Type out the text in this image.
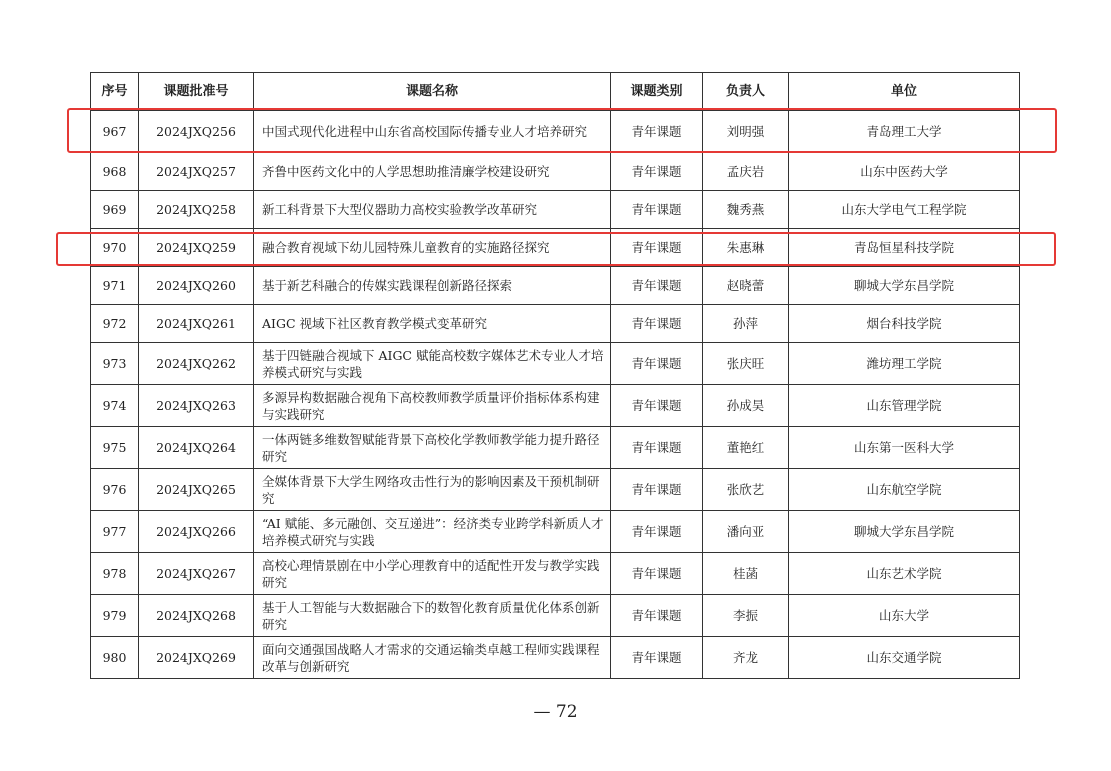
序号	课题批准号	课题名称	课题类别	负责人	单位
967	2024JXQ256	中国式现代化进程中山东省高校国际传播专业人才培养研究	青年课题	刘明强	青岛理工大学
968	2024JXQ257	齐鲁中医药文化中的人学思想助推清廉学校建设研究	青年课题	孟庆岩	山东中医药大学
969	2024JXQ258	新工科背景下大型仪器助力高校实验教学改革研究	青年课题	魏秀燕	山东大学电气工程学院
970	2024JXQ259	融合教育视域下幼儿园特殊儿童教育的实施路径探究	青年课题	朱惠琳	青岛恒星科技学院
971	2024JXQ260	基于新艺科融合的传媒实践课程创新路径探索	青年课题	赵晓蕾	聊城大学东昌学院
972	2024JXQ261	AIGC 视域下社区教育教学模式变革研究	青年课题	孙萍	烟台科技学院
973	2024JXQ262	基于四链融合视域下 AIGC 赋能高校数字媒体艺术专业人才培养模式研究与实践	青年课题	张庆旺	潍坊理工学院
974	2024JXQ263	多源异构数据融合视角下高校教师教学质量评价指标体系构建与实践研究	青年课题	孙成昊	山东管理学院
975	2024JXQ264	一体两链多维数智赋能背景下高校化学教师教学能力提升路径研究	青年课题	董艳红	山东第一医科大学
976	2024JXQ265	全媒体背景下大学生网络攻击性行为的影响因素及干预机制研究	青年课题	张欣艺	山东航空学院
977	2024JXQ266	“AI 赋能、多元融创、交互递进”：经济类专业跨学科新质人才培养模式研究与实践	青年课题	潘向亚	聊城大学东昌学院
978	2024JXQ267	高校心理情景剧在中小学心理教育中的适配性开发与教学实践研究	青年课题	桂菡	山东艺术学院
979	2024JXQ268	基于人工智能与大数据融合下的数智化教育质量优化体系创新研究	青年课题	李振	山东大学
980	2024JXQ269	面向交通强国战略人才需求的交通运输类卓越工程师实践课程改革与创新研究	青年课题	齐龙	山东交通学院
— 72
